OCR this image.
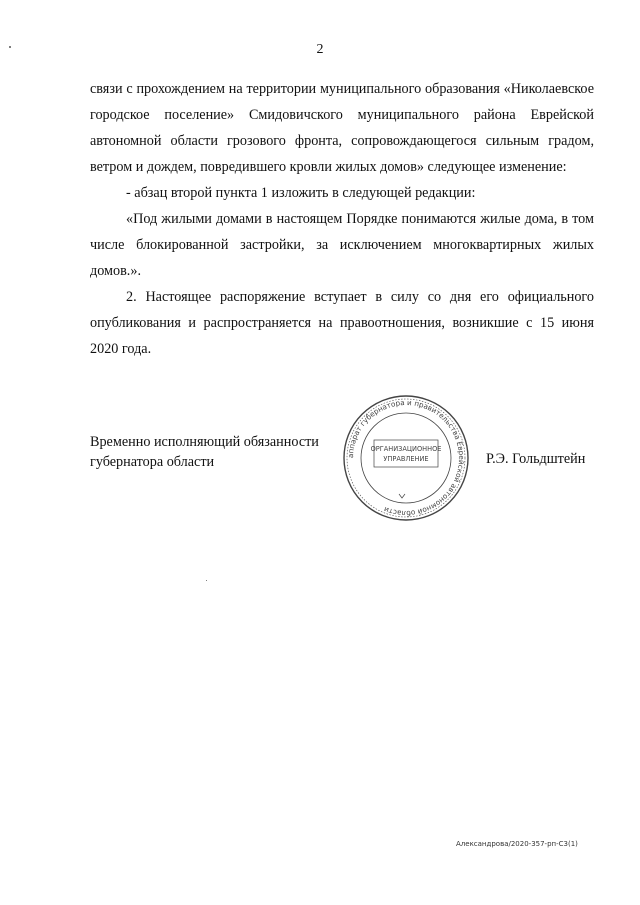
2

связи с прохождением на территории муниципального образования «Николаевское городское поселение» Смидовичского муниципального района Еврейской автономной области грозового фронта, сопровождающегося сильным градом, ветром и дождем, повредившего кровли жилых домов» следующее изменение:

- абзац второй пункта 1 изложить в следующей редакции:

«Под жилыми домами в настоящем Порядке понимаются жилые дома, в том числе блокированной застройки, за исключением многоквартирных жилых домов.».

2. Настоящее распоряжение вступает в силу со дня его официального опубликования и распространяется на правоотношения, возникшие с 15 июня 2020 года.

Временно исполняющий обязанности
губернатора области	Р.Э. Гольдштейн
аппарат губернатора и правительства Еврейской автономной области
ОРГАНИЗАЦИОННОЕ
УПРАВЛЕНИЕ
Александрова/2020-357-рп-С3(1)
